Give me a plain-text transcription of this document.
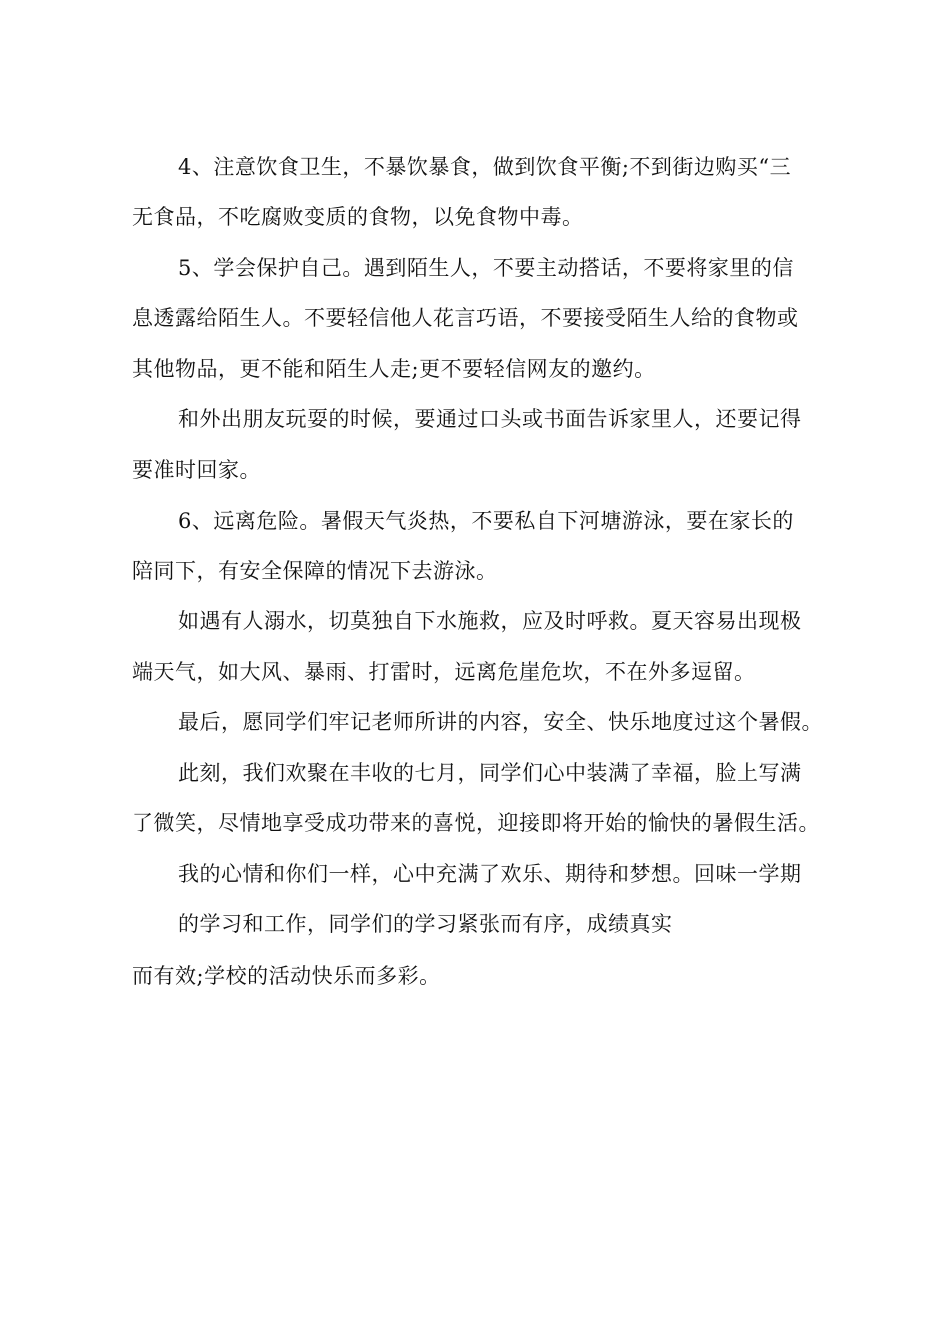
4、注意饮食卫生，不暴饮暴食，做到饮食平衡;不到街边购买“三
无食品，不吃腐败变质的食物，以免食物中毒。
5、学会保护自己。遇到陌生人，不要主动搭话，不要将家里的信
息透露给陌生人。不要轻信他人花言巧语，不要接受陌生人给的食物或
其他物品，更不能和陌生人走;更不要轻信网友的邀约。
和外出朋友玩耍的时候，要通过口头或书面告诉家里人，还要记得
要准时回家。
6、远离危险。暑假天气炎热，不要私自下河塘游泳，要在家长的
陪同下，有安全保障的情况下去游泳。
如遇有人溺水，切莫独自下水施救，应及时呼救。夏天容易出现极
端天气，如大风、暴雨、打雷时，远离危崖危坎，不在外多逗留。
最后，愿同学们牢记老师所讲的内容，安全、快乐地度过这个暑假。
此刻，我们欢聚在丰收的七月，同学们心中装满了幸福，脸上写满
了微笑，尽情地享受成功带来的喜悦，迎接即将开始的愉快的暑假生活。
我的心情和你们一样，心中充满了欢乐、期待和梦想。回味一学期
的学习和工作，同学们的学习紧张而有序，成绩真实
而有效;学校的活动快乐而多彩。
